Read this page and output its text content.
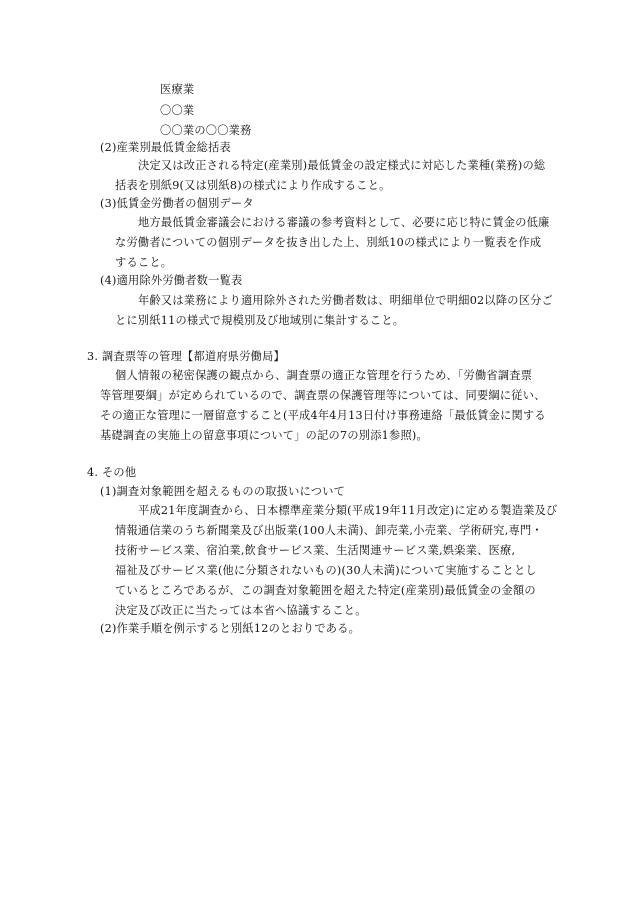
医療業
〇〇業
〇〇業の〇〇業務
(2)産業別最低賃金総括表
決定又は改正される特定(産業別)最低賃金の設定様式に対応した業種(業務)の総
括表を別紙9(又は別紙8)の様式により作成すること。
(3)低賃金労働者の個別データ
地方最低賃金審議会における審議の参考資料として、必要に応じ特に賃金の低廉
な労働者についての個別データを抜き出した上、別紙10の様式により一覧表を作成
すること。
(4)適用除外労働者数一覧表
年齢又は業務により適用除外された労働者数は、明細単位で明細02以降の区分ご
とに別紙11の様式で規模別及び地域別に集計すること。
3. 調査票等の管理【都道府県労働局】
個人情報の秘密保護の観点から、調査票の適正な管理を行うため、「労働省調査票
等管理要綱」が定められているので、調査票の保護管理等については、同要綱に従い、
その適正な管理に一層留意すること(平成4年4月13日付け事務連絡「最低賃金に関する
基礎調査の実施上の留意事項について」の記の7の別添1参照)。
4. その他
(1)調査対象範囲を超えるものの取扱いについて
平成21年度調査から、日本標準産業分類(平成19年11月改定)に定める製造業及び
情報通信業のうち新聞業及び出版業(100人未満)、卸売業,小売業、学術研究,専門・
技術サービス業、宿泊業,飲食サービス業、生活関連サービス業,娯楽業、医療,
福祉及びサービス業(他に分類されないもの)(30人未満)について実施することとし
ているところであるが、この調査対象範囲を超えた特定(産業別)最低賃金の金額の
決定及び改正に当たっては本省へ協議すること。
(2)作業手順を例示すると別紙12のとおりである。
